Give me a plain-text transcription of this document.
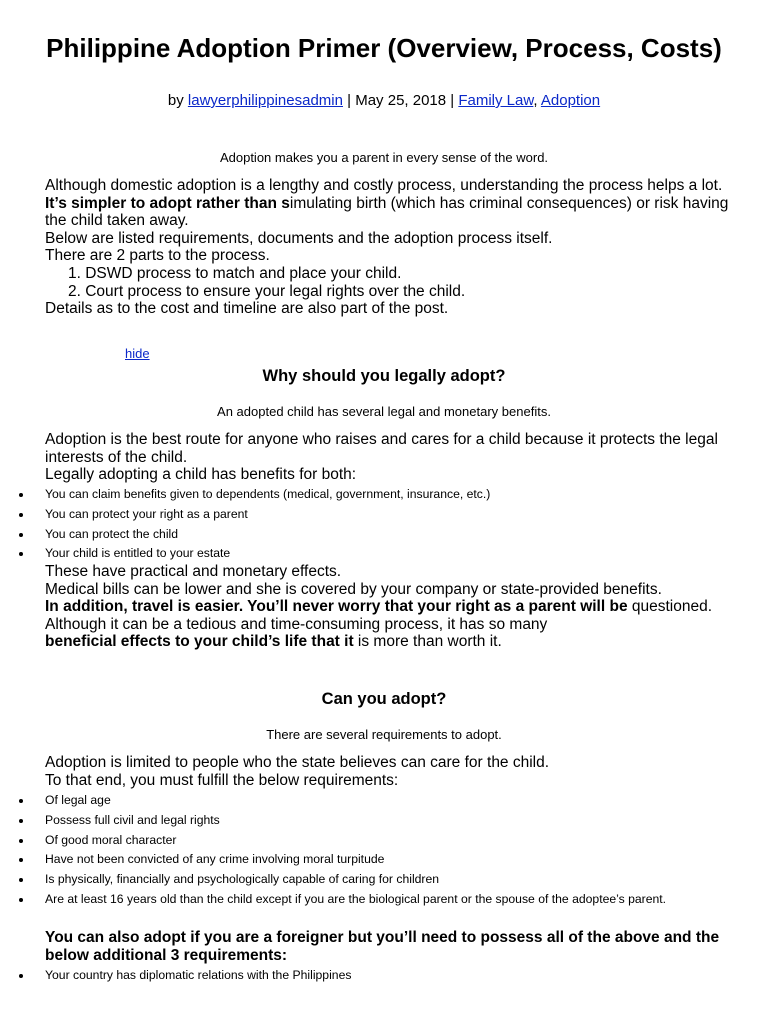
Philippine Adoption Primer (Overview, Process, Costs)
by lawyerphilippinesadmin | May 25, 2018 | Family Law, Adoption
Adoption makes you a parent in every sense of the word.

Although domestic adoption is a lengthy and costly process, understanding the process helps a lot.

It’s simpler to adopt rather than simulating birth (which has criminal consequences) or risk having the child taken away.

Below are listed requirements, documents and the adoption process itself.

There are 2 parts to the process.

1. DSWD process to match and place your child.
2. Court process to ensure your legal rights over the child.

Details as to the cost and timeline are also part of the post.

hide
Why should you legally adopt?
An adopted child has several legal and monetary benefits.

Adoption is the best route for anyone who raises and cares for a child because it protects the legal interests of the child.

Legally adopting a child has benefits for both:

You can claim benefits given to dependents (medical, government, insurance, etc.)
You can protect your right as a parent
You can protect the child
Your child is entitled to your estate

These have practical and monetary effects.

Medical bills can be lower and she is covered by your company or state-provided benefits.

In addition, travel is easier. You’ll never worry that your right as a parent will be questioned.

Although it can be a tedious and time-consuming process, it has so many

beneficial effects to your child’s life that it is more than worth it.

Can you adopt?
There are several requirements to adopt.

Adoption is limited to people who the state believes can care for the child.

To that end, you must fulfill the below requirements:

Of legal age
Possess full civil and legal rights
Of good moral character
Have not been convicted of any crime involving moral turpitude
Is physically, financially and psychologically capable of caring for children
Are at least 16 years old than the child except if you are the biological parent or the spouse of the adoptee’s parent.

You can also adopt if you are a foreigner but you’ll need to possess all of the above and the below additional 3 requirements:

Your country has diplomatic relations with the Philippines
